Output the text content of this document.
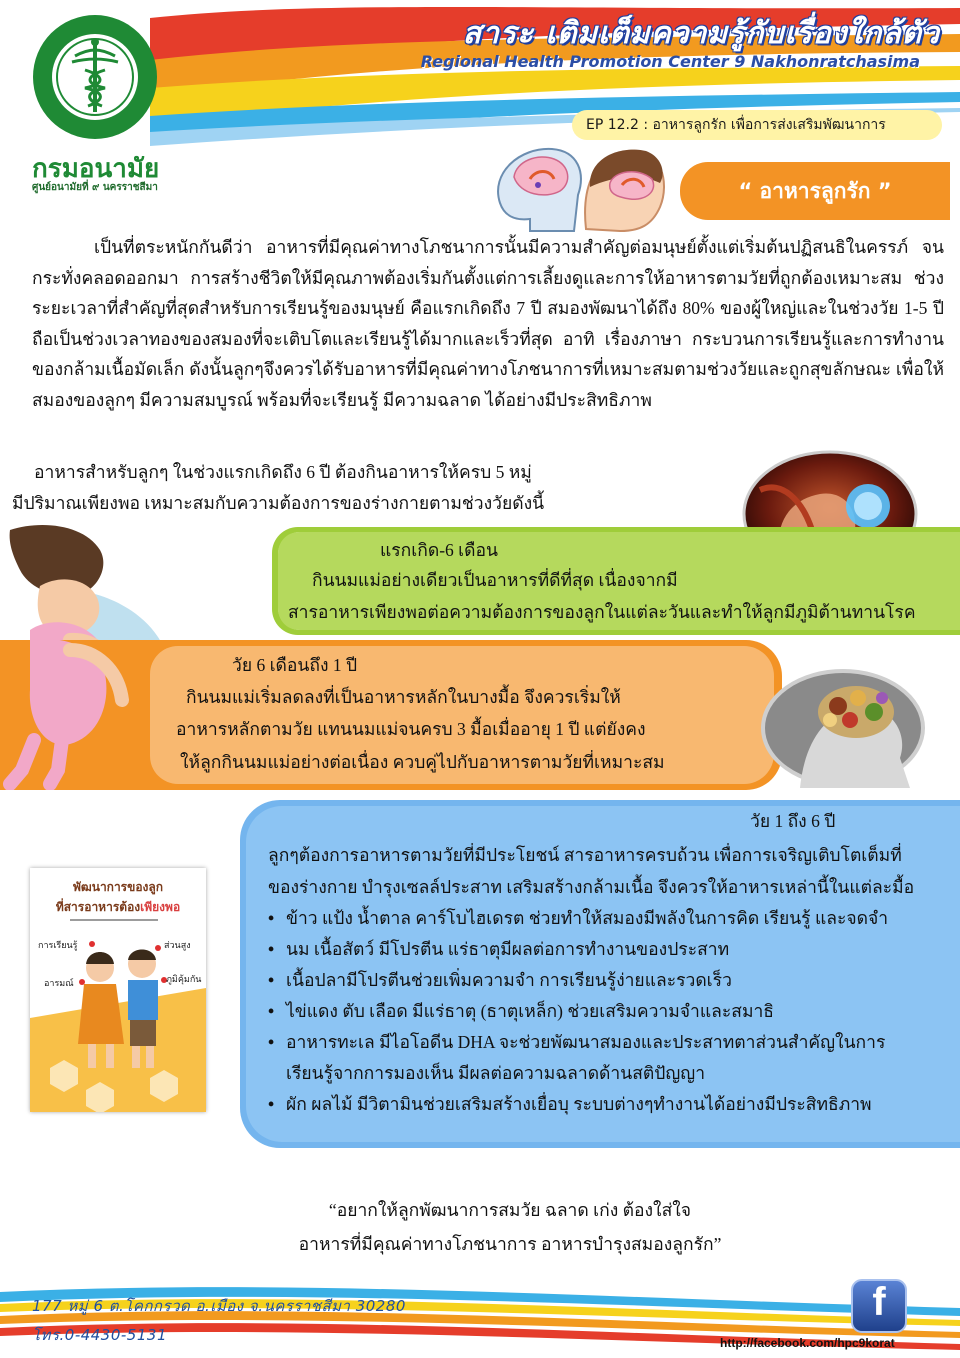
กรมอนามัย
ศูนย์อนามัยที่ ๙ นครราชสีมา
สาระ เติมเต็มความรู้กับเรื่องใกล้ตัว
Regional Health Promotion Center 9 Nakhonratchasima
EP 12.2 : อาหารลูกรัก เพื่อการส่งเสริมพัฒนาการ
“ อาหารลูกรัก ”

เป็นที่ตระหนักกันดีว่า อาหารที่มีคุณค่าทางโภชนาการนั้นมีความสำคัญต่อมนุษย์ตั้งแต่เริ่มต้นปฏิสนธิในครรภ์ จนกระทั่งคลอดออกมา การสร้างชีวิตให้มีคุณภาพต้องเริ่มกันตั้งแต่การเลี้ยงดูและการให้อาหารตามวัยที่ถูกต้องเหมาะสม ช่วงระยะเวลาที่สำคัญที่สุดสำหรับการเรียนรู้ของมนุษย์ คือแรกเกิดถึง 7 ปี สมองพัฒนาได้ถึง 80% ของผู้ใหญ่และในช่วงวัย 1-5 ปี ถือเป็นช่วงเวลาทองของสมองที่จะเติบโตและเรียนรู้ได้มากและเร็วที่สุด อาทิ เรื่องภาษา กระบวนการเรียนรู้และการทำงานของกล้ามเนื้อมัดเล็ก ดังนั้นลูกๆจึงควรได้รับอาหารที่มีคุณค่าทางโภชนาการที่เหมาะสมตามช่วงวัยและถูกสุขลักษณะ เพื่อให้สมองของลูกๆ มีความสมบูรณ์ พร้อมที่จะเรียนรู้ มีความฉลาด ได้อย่างมีประสิทธิภาพ

อาหารสำหรับลูกๆ ในช่วงแรกเกิดถึง 6 ปี ต้องกินอาหารให้ครบ 5 หมู่
มีปริมาณเพียงพอ เหมาะสมกับความต้องการของร่างกายตามช่วงวัยดังนี้
แรกเกิด-6 เดือน
กินนมแม่อย่างเดียวเป็นอาหารที่ดีที่สุด เนื่องจากมี
สารอาหารเพียงพอต่อความต้องการของลูกในแต่ละวันและทำให้ลูกมีภูมิต้านทานโรค
วัย 6 เดือนถึง 1 ปี
กินนมแม่เริ่มลดลงที่เป็นอาหารหลักในบางมื้อ จึงควรเริ่มให้
อาหารหลักตามวัย แทนนมแม่จนครบ 3 มื้อเมื่ออายุ 1 ปี แต่ยังคง
ให้ลูกกินนมแม่อย่างต่อเนื่อง ควบคู่ไปกับอาหารตามวัยที่เหมาะสม
วัย 1 ถึง 6 ปี
ลูกๆต้องการอาหารตามวัยที่มีประโยชน์ สารอาหารครบถ้วน เพื่อการเจริญเติบโตเต็มที่
ของร่างกาย บำรุงเซลล์ประสาท เสริมสร้างกล้ามเนื้อ จึงควรให้อาหารเหล่านี้ในแต่ละมื้อ
• ข้าว แป้ง น้ำตาล คาร์โบไฮเดรต ช่วยทำให้สมองมีพลังในการคิด เรียนรู้ และจดจำ
• นม เนื้อสัตว์ มีโปรตีน แร่ธาตุมีผลต่อการทำงานของประสาท
• เนื้อปลามีโปรตีนช่วยเพิ่มความจำ การเรียนรู้ง่ายและรวดเร็ว
• ไข่แดง ตับ เลือด มีแร่ธาตุ (ธาตุเหล็ก) ช่วยเสริมความจำและสมาธิ
• อาหารทะเล มีไอโอดีน DHA จะช่วยพัฒนาสมองและประสาทตาส่วนสำคัญในการ
เรียนรู้จากการมองเห็น มีผลต่อความฉลาดด้านสติปัญญา
• ผัก ผลไม้ มีวิตามินช่วยเสริมสร้างเยื่อบุ ระบบต่างๆทำงานได้อย่างมีประสิทธิภาพ
พัฒนาการของลูก
ที่สารอาหารต้องเพียงพอ
การเรียนรู้	ส่วนสูง
อารมณ์	ภูมิคุ้มกัน
“อยากให้ลูกพัฒนาการสมวัย ฉลาด เก่ง ต้องใส่ใจ
อาหารที่มีคุณค่าทางโภชนาการ อาหารบำรุงสมองลูกรัก”
177 หมู่ 6 ต.โคกกรวด อ.เมือง จ.นครราชสีมา 30280
โทร.0-4430-5131
f
http://facebook.com/hpc9korat
